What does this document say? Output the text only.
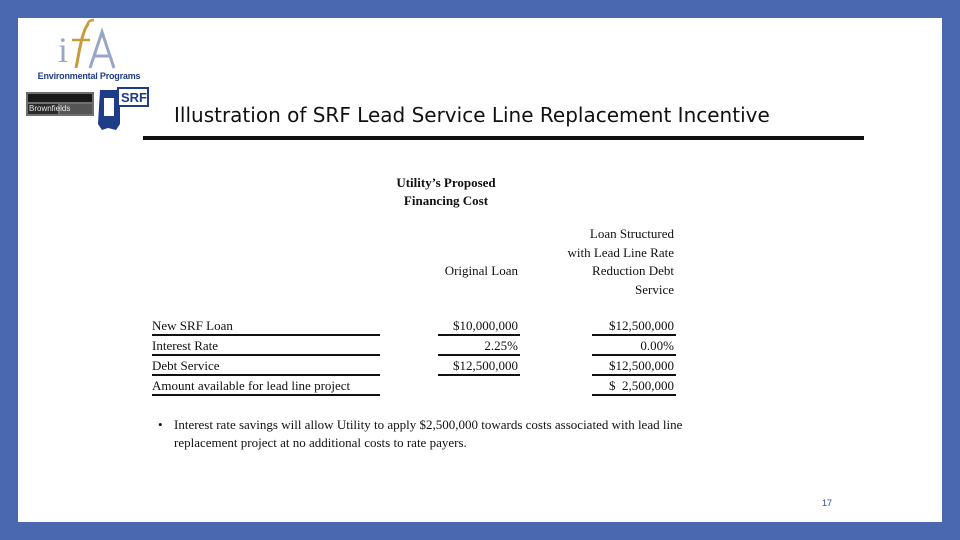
i
Environmental Programs
Brownfields
SRF
Illustration of SRF Lead Service Line Replacement Incentive
Utility’s Proposed Financing Cost
Original Loan
Loan Structured with Lead Line Rate Reduction Debt Service
New SRF Loan
Interest Rate
Debt Service
Amount available for lead line project
$10,000,000
2.25%
$12,500,000
$12,500,000
0.00%
$12,500,000
$  2,500,000
• Interest rate savings will allow Utility to apply $2,500,000 towards costs associated with lead line replacement project at no additional costs to rate payers.
17
